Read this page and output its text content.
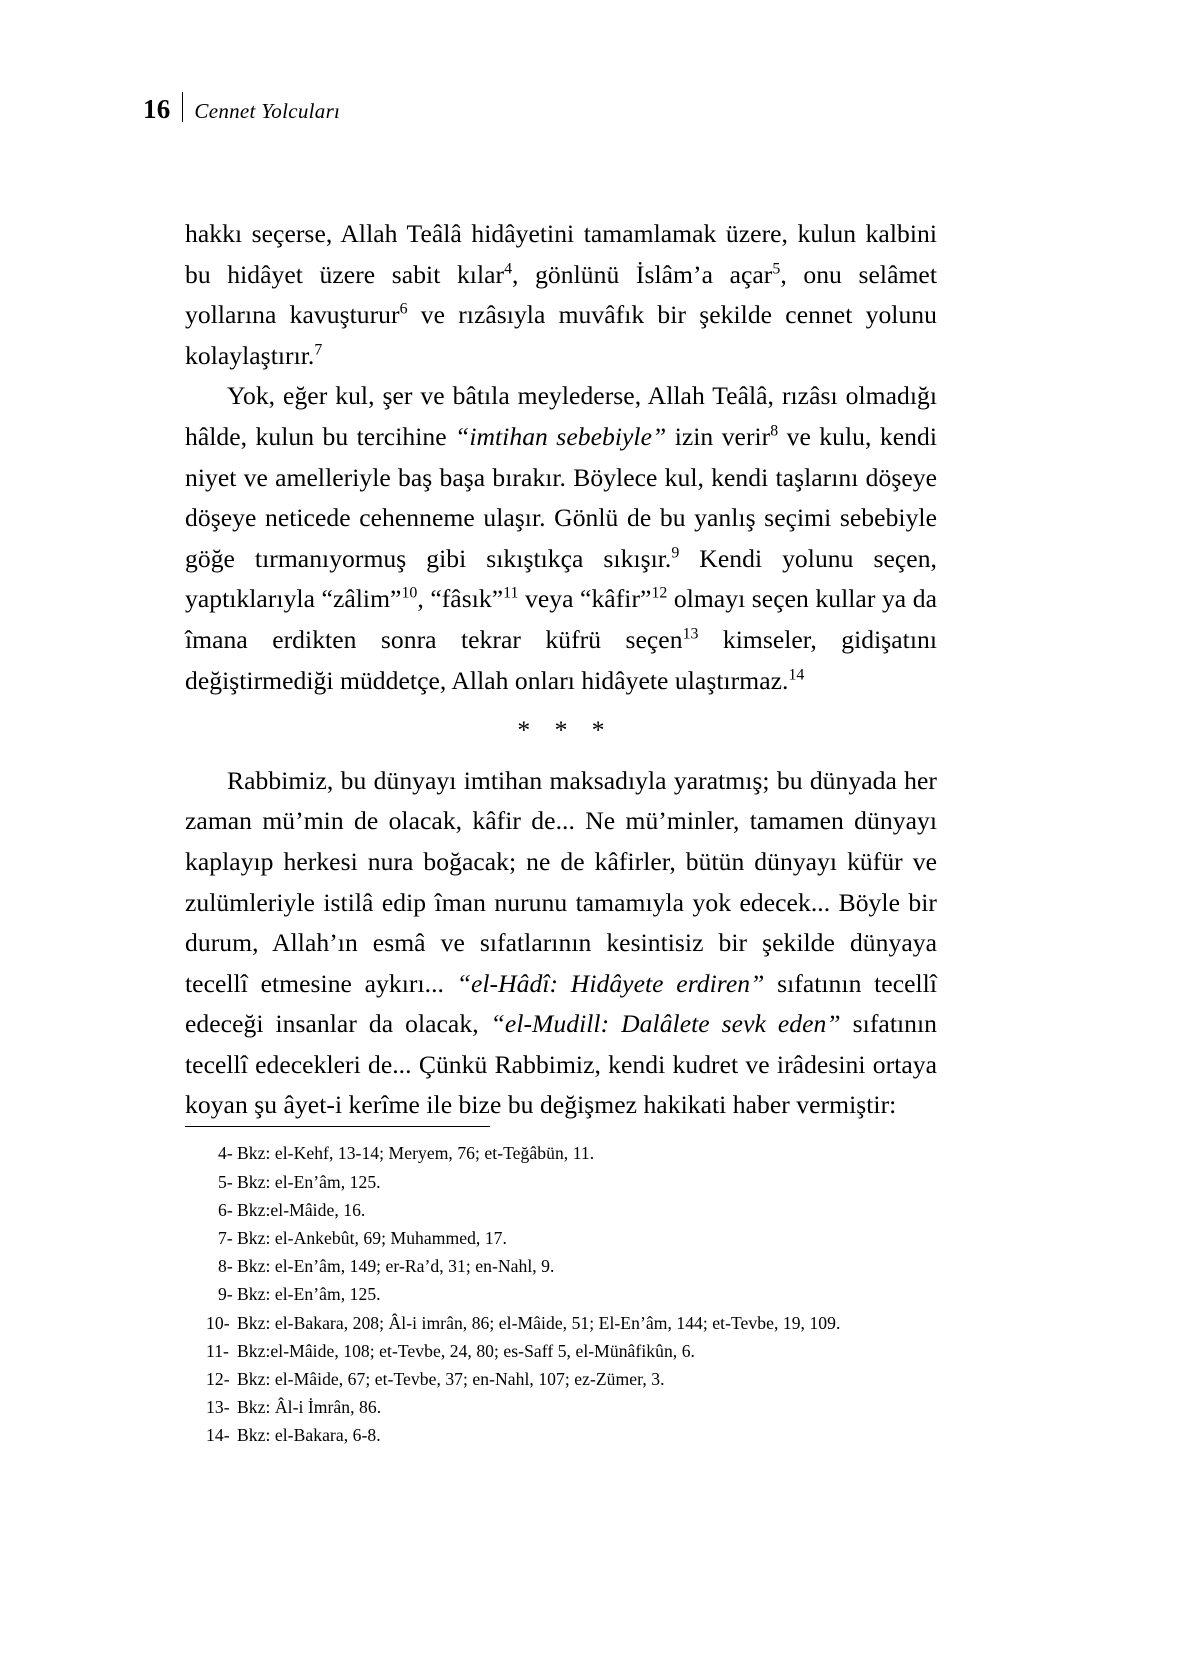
16 Cennet Yolcuları

hakkı seçerse, Allah Teâlâ hidâyetini tamamlamak üzere, kulun kalbini bu hidâyet üzere sabit kılar$^4$, gönlünü İslâm’a açar$^5$, onu selâmet yollarına kavuşturur$^6$ ve rızâsıyla muvâfık bir şekilde cennet yolunu kolaylaştırır.$^7$

Yok, eğer kul, şer ve bâtıla meylederse, Allah Teâlâ, rızâsı olmadığı hâlde, kulun bu tercihine “imtihan sebebiyle” izin verir$^8$ ve kulu, kendi niyet ve amelleriyle baş başa bırakır. Böylece kul, kendi taşlarını döşeye döşeye neticede cehenneme ulaşır. Gönlü de bu yanlış seçimi sebebiyle göğe tırmanıyormuş gibi sıkıştıkça sıkışır.$^9$ Kendi yolunu seçen, yaptıklarıyla “zâlim”$^{10}$, “fâsık”$^{11}$ veya “kâfir”$^{12}$ olmayı seçen kullar ya da îmana erdikten sonra tekrar küfrü seçen$^{13}$ kimseler, gidişatını değiştirmediği müddetçe, Allah onları hidâyete ulaştırmaz.$^{14}$

* * *

Rabbimiz, bu dünyayı imtihan maksadıyla yaratmış; bu dünyada her zaman mü’min de olacak, kâfir de... Ne mü’minler, tamamen dünyayı kaplayıp herkesi nura boğacak; ne de kâfirler, bütün dünyayı küfür ve zulümleriyle istilâ edip îman nurunu tamamıyla yok edecek... Böyle bir durum, Allah’ın esmâ ve sıfatlarının kesintisiz bir şekilde dünyaya tecellî etmesine aykırı... “el-Hâdî: Hidâyete erdiren” sıfatının tecellî edeceği insanlar da olacak, “el-Mudill: Dalâlete sevk eden” sıfatının tecellî edecekleri de... Çünkü Rabbimiz, kendi kudret ve irâdesini ortaya koyan şu âyet-i kerîme ile bize bu değişmez hakikati haber vermiştir:

4- Bkz: el-Kehf, 13-14; Meryem, 76; et-Teğâbün, 11.
5- Bkz: el-En’âm, 125.
6- Bkz:el-Mâide, 16.
7- Bkz: el-Ankebût, 69; Muhammed, 17.
8- Bkz: el-En’âm, 149; er-Ra’d, 31; en-Nahl, 9.
9- Bkz: el-En’âm, 125.
10- Bkz: el-Bakara, 208; Âl-i imrân, 86; el-Mâide, 51; El-En’âm, 144; et-Tevbe, 19, 109.
11- Bkz:el-Mâide, 108; et-Tevbe, 24, 80; es-Saff 5, el-Münâfikûn, 6.
12- Bkz: el-Mâide, 67; et-Tevbe, 37; en-Nahl, 107; ez-Zümer, 3.
13- Bkz: Âl-i İmrân, 86.
14- Bkz: el-Bakara, 6-8.
